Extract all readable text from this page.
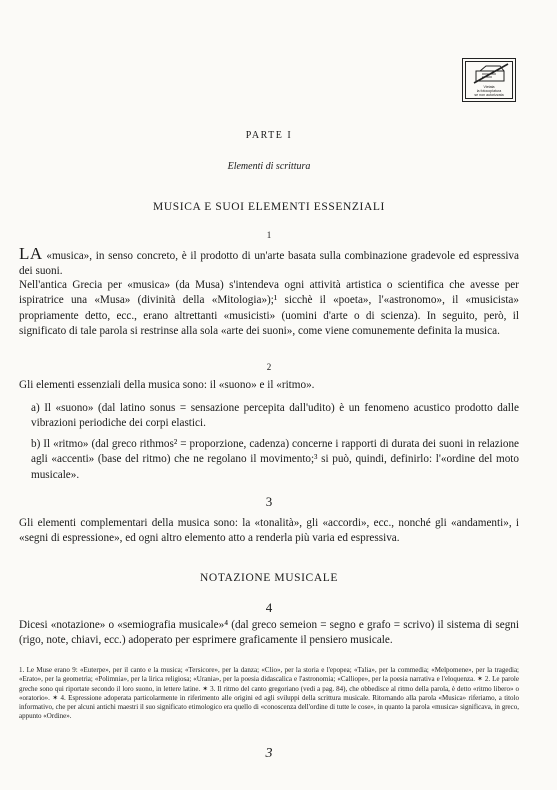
Vietata
la fotocopiatura
se non autorizzata
PARTE I
Elementi di scrittura
MUSICA E SUOI ELEMENTI ESSENZIALI
1

LA «musica», in senso concreto, è il prodotto di un'arte basata sulla combinazione gradevole ed espressiva dei suoni.

Nell'antica Grecia per «musica» (da Musa) s'intendeva ogni attività artistica o scientifica che avesse per ispiratrice una «Musa» (divinità della «Mitologia»);¹ sicchè il «poeta», l'«astronomo», il «musicista» propriamente detto, ecc., erano altrettanti «musicisti» (uomini d'arte o di scienza). In seguito, però, il significato di tale parola si restrinse alla sola «arte dei suoni», come viene comunemente definita la musica.

2

Gli elementi essenziali della musica sono: il «suono» e il «ritmo».

a) Il «suono» (dal latino sonus = sensazione percepita dall'udito) è un fenomeno acustico prodotto dalle vibrazioni periodiche dei corpi elastici.

b) Il «ritmo» (dal greco rithmos² = proporzione, cadenza) concerne i rapporti di durata dei suoni in relazione agli «accenti» (base del ritmo) che ne regolano il movimento;³ si può, quindi, definirlo: l'«ordine del moto musicale».

3

Gli elementi complementari della musica sono: la «tonalità», gli «accordi», ecc., nonché gli «andamenti», i «segni di espressione», ed ogni altro elemento atto a renderla più varia ed espressiva.

NOTAZIONE MUSICALE
4

Dicesi «notazione» o «semiografia musicale»⁴ (dal greco semeion = segno e grafo = scrivo) il sistema di segni (rigo, note, chiavi, ecc.) adoperato per esprimere graficamente il pensiero musicale.

1. Le Muse erano 9: «Euterpe», per il canto e la musica; «Tersicore», per la danza; «Clio», per la storia e l'epopea; «Talia», per la commedia; «Melpomene», per la tragedia; «Erato», per la geometria; «Polimnia», per la lirica religiosa; «Urania», per la poesia didascalica e l'astronomia; «Calliope», per la poesia narrativa e l'eloquenza. ✶ 2. Le parole greche sono qui riportate secondo il loro suono, in lettere latine. ✶ 3. Il ritmo del canto gregoriano (vedi a pag. 84), che obbedisce al ritmo della parola, è detto «ritmo libero» o «oratorio». ✶ 4. Espressione adoperata particolarmente in riferimento alle origini ed agli sviluppi della scrittura musicale. Ritornando alla parola «Musica» riferiamo, a titolo informativo, che per alcuni antichi maestri il suo significato etimologico era quello di «conoscenza dell'ordine di tutte le cose», in quanto la parola «musica» significava, in greco, appunto «Ordine».

3
